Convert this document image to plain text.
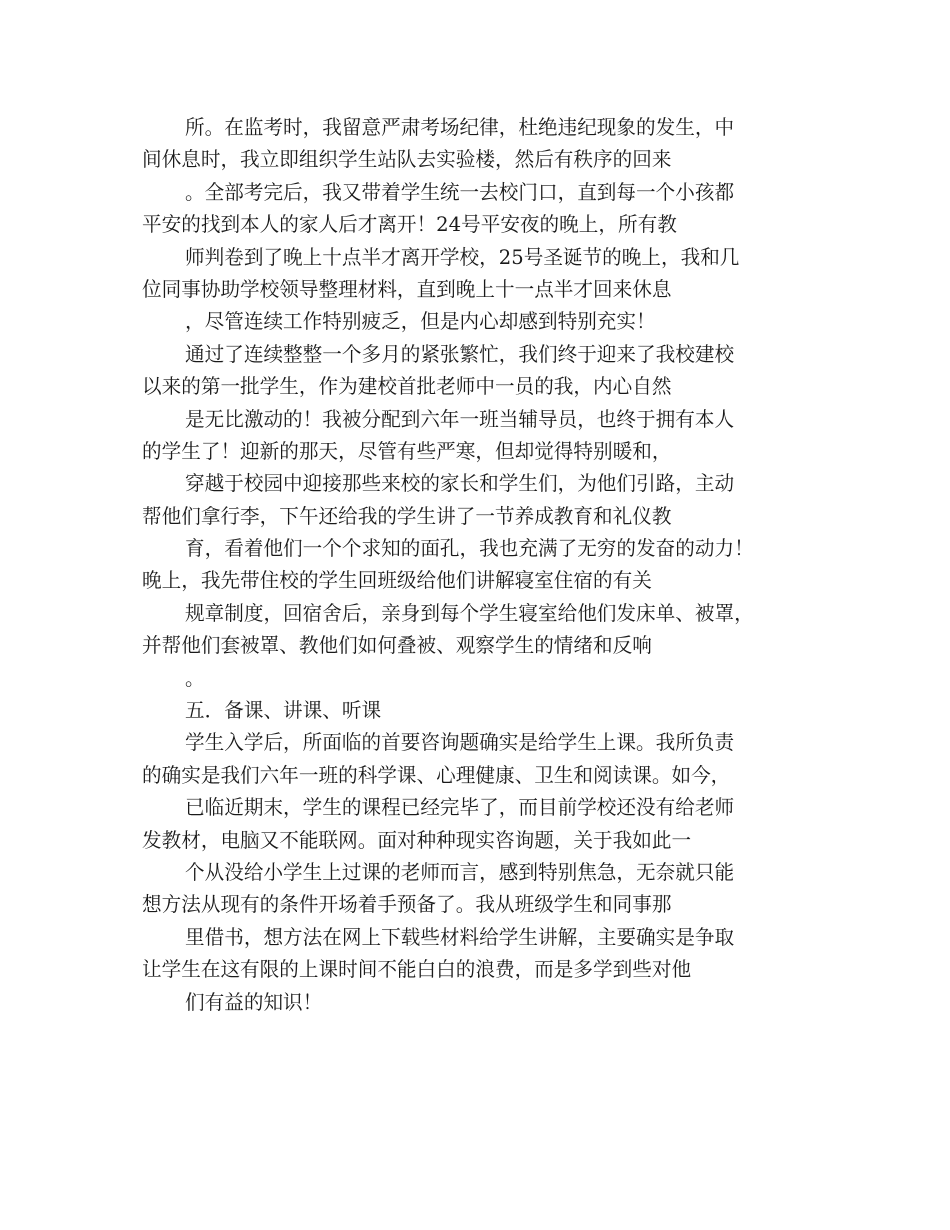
所。在监考时，我留意严肃考场纪律，杜绝违纪现象的发生，中
间休息时，我立即组织学生站队去实验楼，然后有秩序的回来
。全部考完后，我又带着学生统一去校门口，直到每一个小孩都
平安的找到本人的家人后才离开！24号平安夜的晚上，所有教
师判卷到了晚上十点半才离开学校，25号圣诞节的晚上，我和几
位同事协助学校领导整理材料，直到晚上十一点半才回来休息
，尽管连续工作特别疲乏，但是内心却感到特别充实！
通过了连续整整一个多月的紧张繁忙，我们终于迎来了我校建校
以来的第一批学生，作为建校首批老师中一员的我，内心自然
是无比激动的！我被分配到六年一班当辅导员，也终于拥有本人
的学生了！迎新的那天，尽管有些严寒，但却觉得特别暖和，
穿越于校园中迎接那些来校的家长和学生们，为他们引路，主动
帮他们拿行李，下午还给我的学生讲了一节养成教育和礼仪教
育，看着他们一个个求知的面孔，我也充满了无穷的发奋的动力！
晚上，我先带住校的学生回班级给他们讲解寝室住宿的有关
规章制度，回宿舍后，亲身到每个学生寝室给他们发床单、被罩，
并帮他们套被罩、教他们如何叠被、观察学生的情绪和反响
。
五．备课、讲课、听课
学生入学后，所面临的首要咨询题确实是给学生上课。我所负责
的确实是我们六年一班的科学课、心理健康、卫生和阅读课。如今，
已临近期末，学生的课程已经完毕了，而目前学校还没有给老师
发教材，电脑又不能联网。面对种种现实咨询题，关于我如此一
个从没给小学生上过课的老师而言，感到特别焦急，无奈就只能
想方法从现有的条件开场着手预备了。我从班级学生和同事那
里借书，想方法在网上下载些材料给学生讲解，主要确实是争取
让学生在这有限的上课时间不能白白的浪费，而是多学到些对他
们有益的知识！
